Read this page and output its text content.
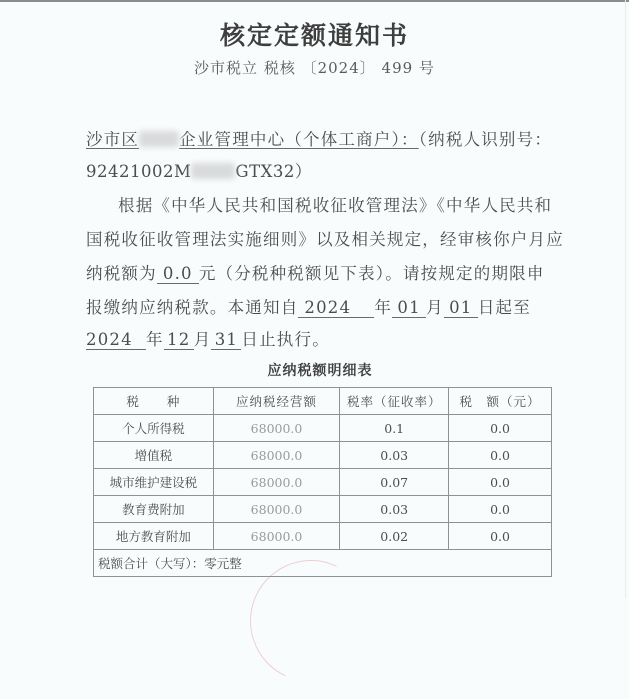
核定定额通知书
沙市税立 税核 〔2024〕 499 号
沙市区 企业管理中心（个体工商户）：（纳税人识别号：
92421002M	GTX32）
根据《中华人民共和国税收征收管理法》《中华人民共和
国税收征收管理法实施细则》以及相关规定，经审核你户月应
纳税额为 0.0 元（分税种税额见下表）。请按规定的期限申
报缴纳应纳税款。本通知自 2024 年 01 月 01 日起至
2024 年 12 月 31 日止执行。
应纳税额明细表
税　　种	应纳税经营额	税率（征收率）	税　额（元）
个人所得税	68000.0	0.1	0.0
增值税	68000.0	0.03	0.0
城市维护建设税	68000.0	0.07	0.0
教育费附加	68000.0	0.03	0.0
地方教育附加	68000.0	0.02	0.0
税额合计（大写）：零元整			
